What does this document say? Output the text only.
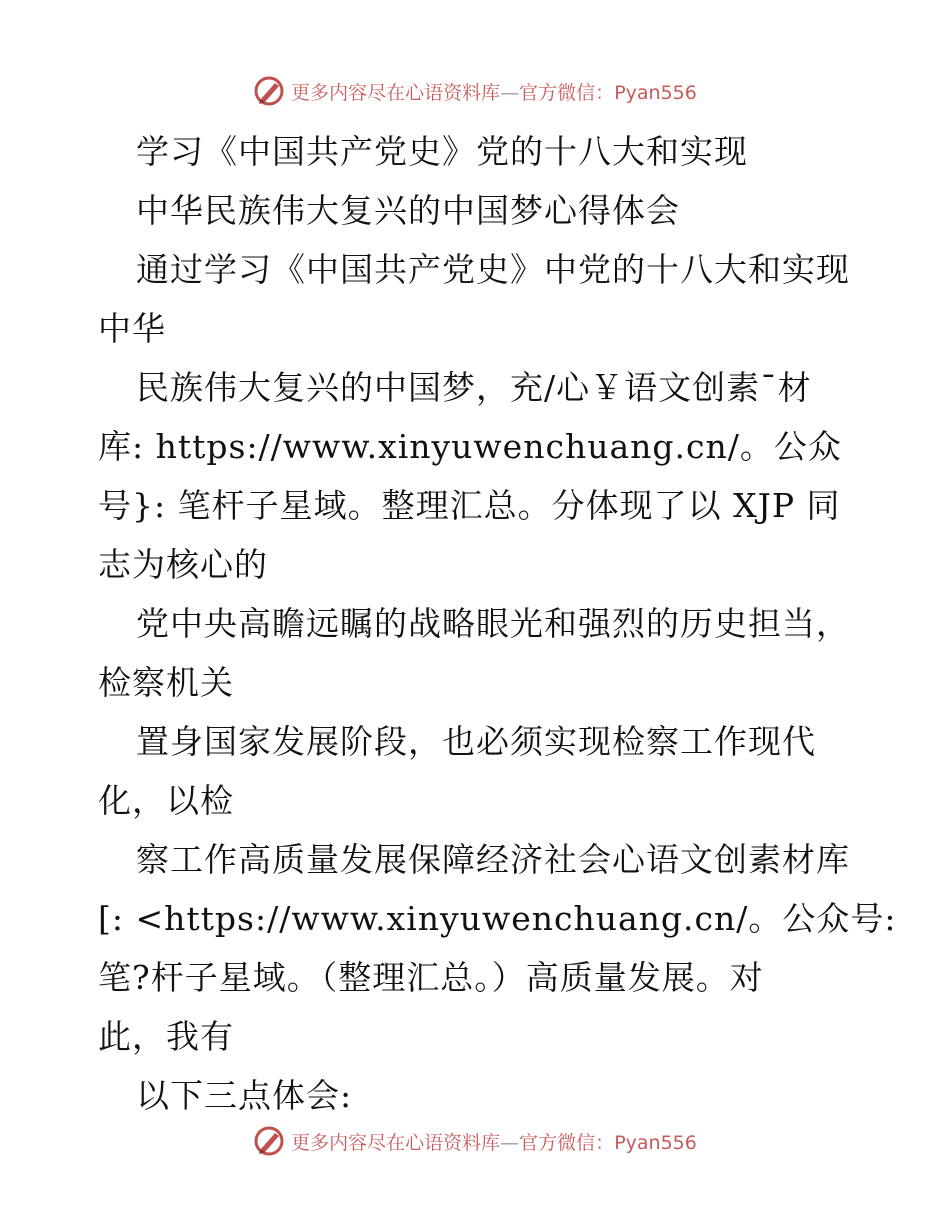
更多内容尽在心语资料库—官方微信：Pyan556

学习《中国共产党史》党的十八大和实现

中华民族伟大复兴的中国梦心得体会

通过学习《中国共产党史》中党的十八大和实现

中华

民族伟大复兴的中国梦，充/心￥语文创素¯材

库: https://www.xinyuwenchuang.cn/。公众

号}: 笔杆子星域。整理汇总。分体现了以 XJP 同

志为核心的

党中央高瞻远瞩的战略眼光和强烈的历史担当，

检察机关

置身国家发展阶段，也必须实现检察工作现代

化，以检

察工作高质量发展保障经济社会心语文创素材库

[: <https://www.xinyuwenchuang.cn/。公众号:

笔?杆子星域。（整理汇总。）高质量发展。对

此，我有

以下三点体会:

更多内容尽在心语资料库—官方微信：Pyan556
